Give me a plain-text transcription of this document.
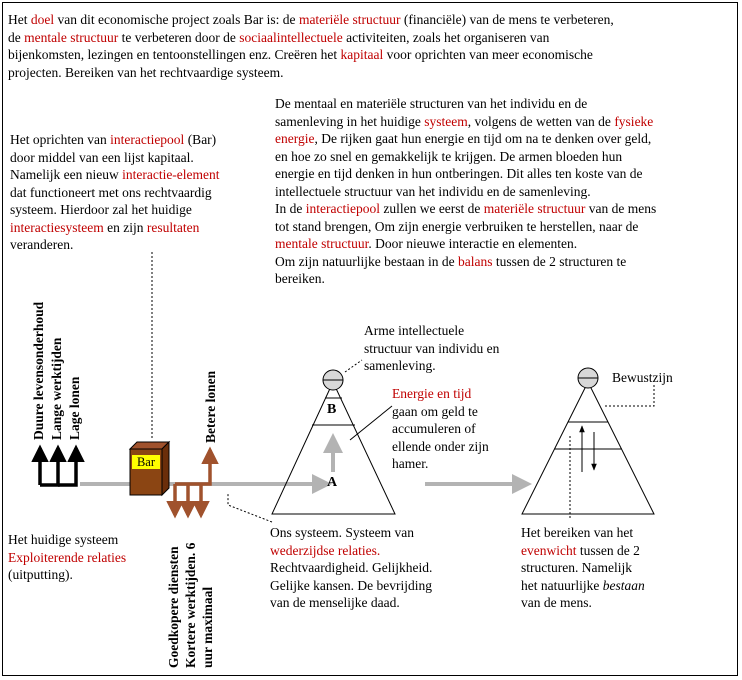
Het doel van dit economische project zoals Bar is: de materiële structuur (financiële) van de mens te verbeteren,
de mentale structuur te verbeteren door de sociaalintellectuele activiteiten, zoals het organiseren van
bijenkomsten, lezingen en tentoonstellingen enz. Creëren het kapitaal voor oprichten van meer economische
projecten. Bereiken van het rechtvaardige systeem.
Het oprichten van interactiepool (Bar)
door middel van een lijst kapitaal.
Namelijk een nieuw interactie-element
dat functioneert met ons rechtvaardig
systeem. Hierdoor zal het huidige
interactiesysteem en zijn resultaten
veranderen.
De mentaal en materiële structuren van het individu en de
samenleving in het huidige systeem, volgens de wetten van de fysieke
energie, De rijken gaat hun energie en tijd om na te denken over geld,
en hoe zo snel en gemakkelijk te krijgen. De armen bloeden hun
energie en tijd denken in hun ontberingen. Dit alles ten koste van de
intellectuele structuur van het individu en de samenleving.
In de interactiepool zullen we eerst de materiële structuur van de mens
tot stand brengen, Om zijn energie verbruiken te herstellen, naar de
mentale structuur. Door nieuwe interactie en elementen.
Om zijn natuurlijke bestaan in de balans tussen de 2 structuren te
bereiken.
Duure levensonderhoud Lange werktijden Lage lonen	Betere lonen
Goedkopere diensten Kortere werktijden. 6 uur maximaal
Bar
A
B
Arme intellectuele
structuur van individu en
samenleving.
Energie en tijd
gaan om geld te
accumuleren of
ellende onder zijn
hamer.
Bewustzijn
Het huidige systeem
Exploiterende relaties
(uitputting).
Ons systeem. Systeem van
wederzijdse relaties.
Rechtvaardigheid. Gelijkheid.
Gelijke kansen. De bevrijding
van de menselijke daad.
Het bereiken van het
evenwicht tussen de 2
structuren. Namelijk
het natuurlijke bestaan
van de mens.
